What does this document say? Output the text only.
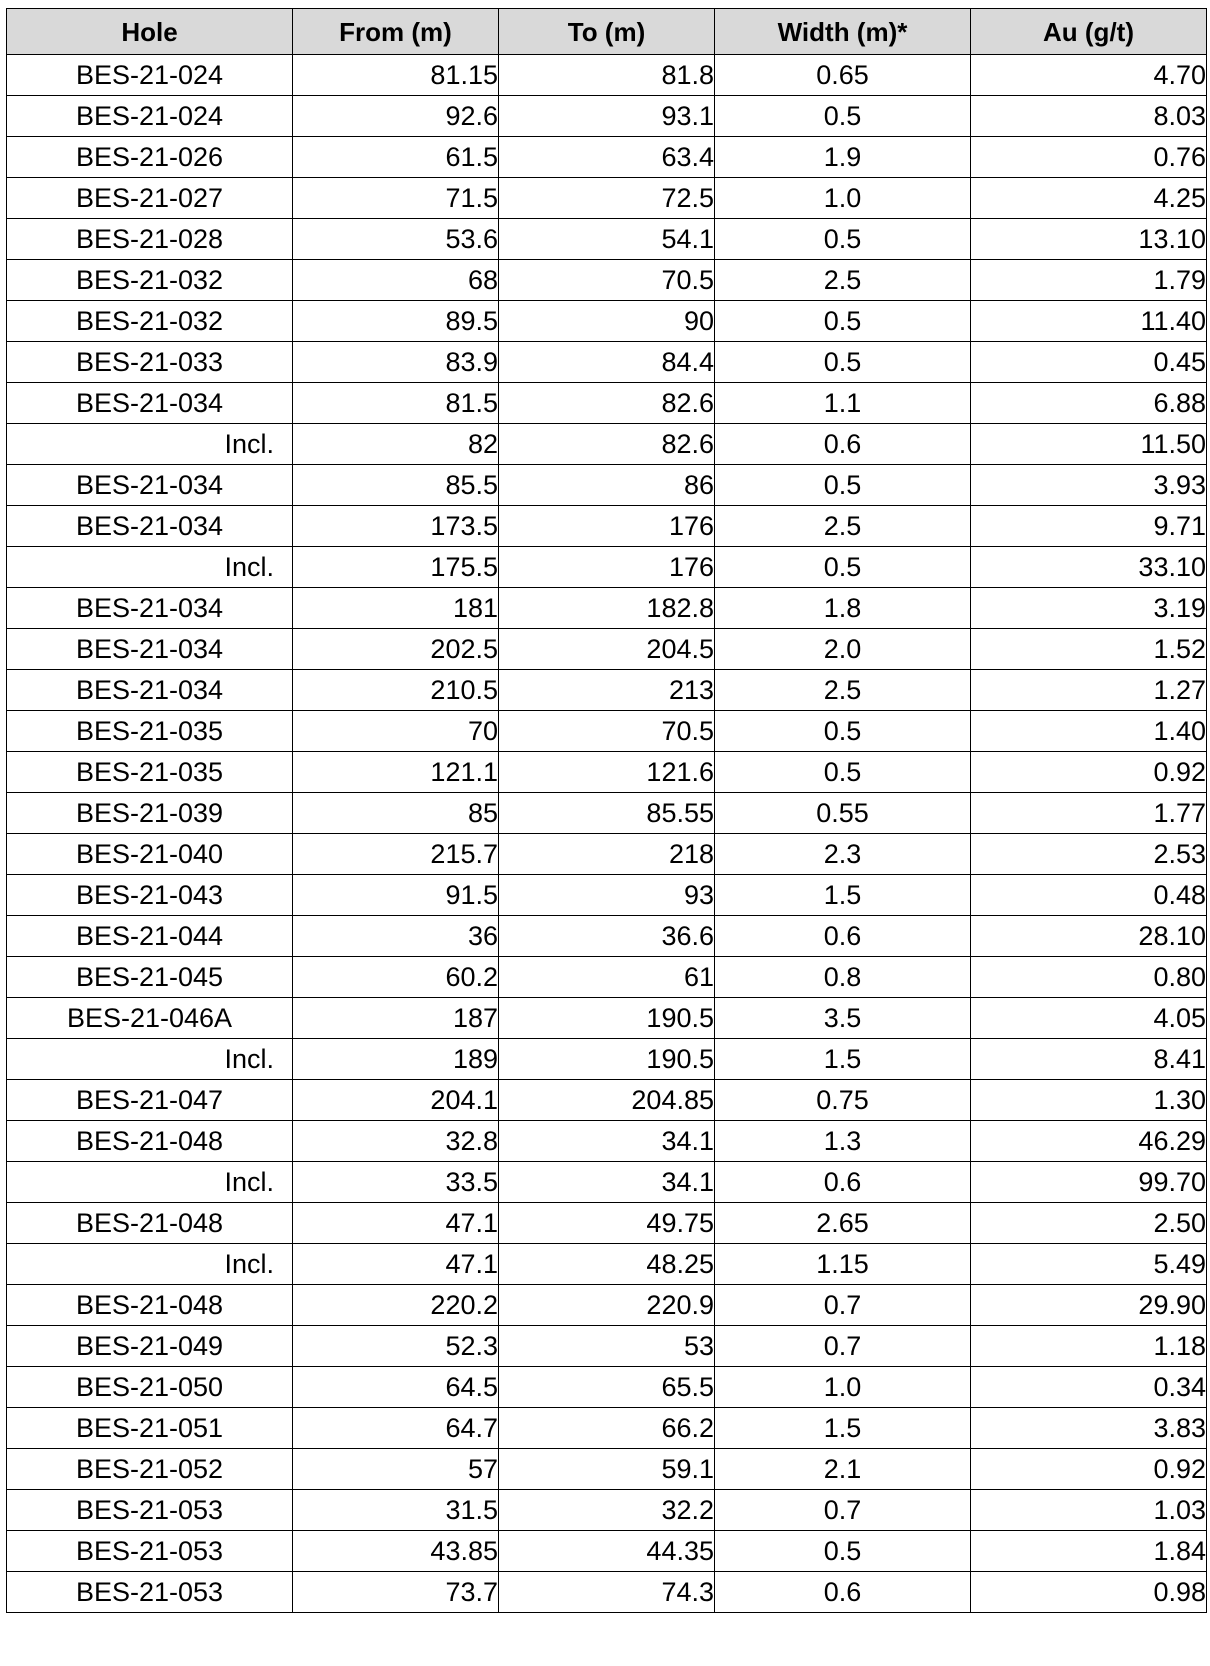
Hole	From (m)	To (m)	Width (m)*	Au (g/t)
BES-21-024	81.15	81.8	0.65	4.70
BES-21-024	92.6	93.1	0.5	8.03
BES-21-026	61.5	63.4	1.9	0.76
BES-21-027	71.5	72.5	1.0	4.25
BES-21-028	53.6	54.1	0.5	13.10
BES-21-032	68	70.5	2.5	1.79
BES-21-032	89.5	90	0.5	11.40
BES-21-033	83.9	84.4	0.5	0.45
BES-21-034	81.5	82.6	1.1	6.88
Incl.	82	82.6	0.6	11.50
BES-21-034	85.5	86	0.5	3.93
BES-21-034	173.5	176	2.5	9.71
Incl.	175.5	176	0.5	33.10
BES-21-034	181	182.8	1.8	3.19
BES-21-034	202.5	204.5	2.0	1.52
BES-21-034	210.5	213	2.5	1.27
BES-21-035	70	70.5	0.5	1.40
BES-21-035	121.1	121.6	0.5	0.92
BES-21-039	85	85.55	0.55	1.77
BES-21-040	215.7	218	2.3	2.53
BES-21-043	91.5	93	1.5	0.48
BES-21-044	36	36.6	0.6	28.10
BES-21-045	60.2	61	0.8	0.80
BES-21-046A	187	190.5	3.5	4.05
Incl.	189	190.5	1.5	8.41
BES-21-047	204.1	204.85	0.75	1.30
BES-21-048	32.8	34.1	1.3	46.29
Incl.	33.5	34.1	0.6	99.70
BES-21-048	47.1	49.75	2.65	2.50
Incl.	47.1	48.25	1.15	5.49
BES-21-048	220.2	220.9	0.7	29.90
BES-21-049	52.3	53	0.7	1.18
BES-21-050	64.5	65.5	1.0	0.34
BES-21-051	64.7	66.2	1.5	3.83
BES-21-052	57	59.1	2.1	0.92
BES-21-053	31.5	32.2	0.7	1.03
BES-21-053	43.85	44.35	0.5	1.84
BES-21-053	73.7	74.3	0.6	0.98
